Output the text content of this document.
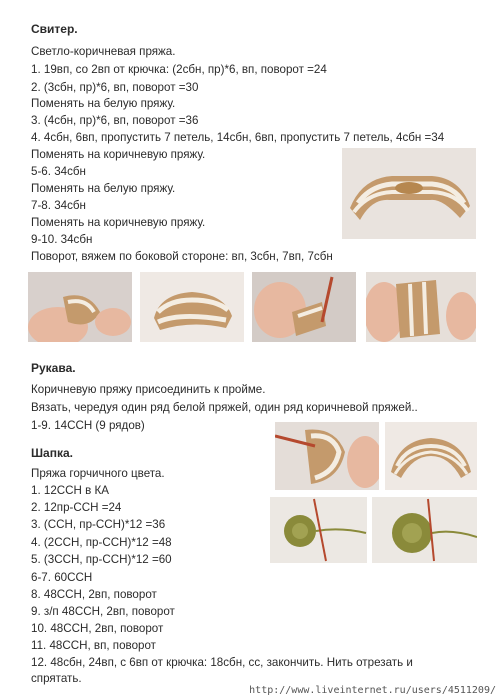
Свитер.
Светло-коричневая пряжа.
1. 19вп, со 2вп от крючка: (2сбн, пр)*6, вп, поворот =24
2. (3сбн, пр)*6, вп, поворот =30
Поменять на белую пряжу.
3. (4сбн, пр)*6, вп, поворот =36
4. 4сбн, 6вп, пропустить 7 петель, 14сбн, 6вп, пропустить 7 петель, 4сбн =34
Поменять на коричневую пряжу.
5-6. 34сбн
Поменять на белую пряжу.
7-8. 34сбн
Поменять на коричневую пряжу.
9-10. 34сбн
Поворот, вяжем по боковой стороне: вп, 3сбн, 7вп, 7сбн
Рукава.
Коричневую пряжу присоединить к пройме.
Вязать, чередуя один ряд белой пряжей, один ряд коричневой пряжей..
1-9. 14ССН (9 рядов)
Шапка.
Пряжа горчичного цвета.
1. 12ССН в КА
2. 12пр-ССН =24
3. (ССН, пр-ССН)*12 =36
4. (2ССН, пр-ССН)*12 =48
5. (3ССН, пр-ССН)*12 =60
6-7. 60ССН
8. 48ССН, 2вп, поворот
9. з/п 48ССН, 2вп, поворот
10. 48ССН, 2вп, поворот
11. 48ССН, вп, поворот
12. 48сбн, 24вп, с 6вп от крючка: 18сбн, сс, закончить. Нить отрезать и
спрятать.
http://www.liveinternet.ru/users/4511209/
